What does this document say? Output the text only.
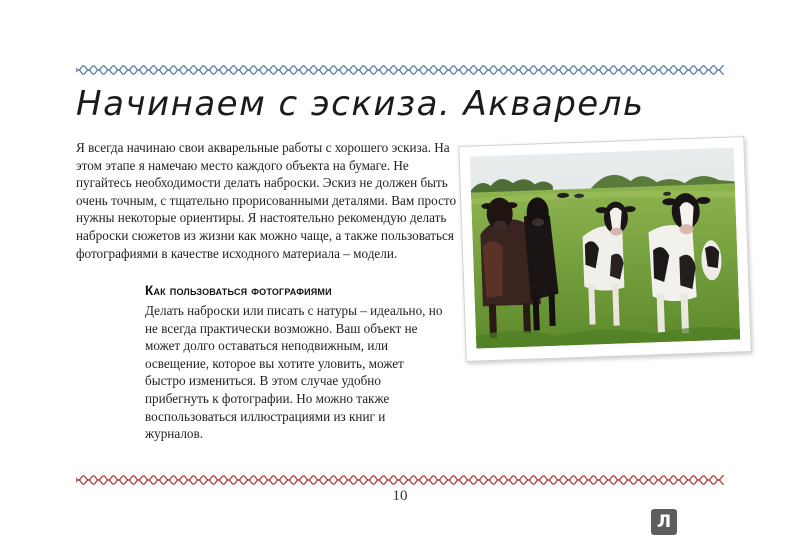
Начинаем с эскиза. Акварель

Я всегда начинаю свои акварельные работы с хорошего эскиза. На этом этапе я намечаю место каждого объекта на бумаге. Не пугайтесь необходимости делать наброски. Эскиз не должен быть очень точным, с тщательно прорисованными деталями. Вам просто нужны некоторые ориентиры. Я настоятельно рекомендую делать наброски сюжетов из жизни как можно чаще, а также пользоваться фотографиями в качестве исходного материала – модели.

Как пользоваться фотографиями

Делать наброски или писать с натуры – идеально, но не всегда практически возможно. Ваш объект не может долго оставаться неподвижным, или освещение, которое вы хотите уловить, может быстро измениться. В этом случае удобно прибегнуть к фотографии. Но можно также воспользоваться иллюстрациями из книг и журналов.

10
Л
